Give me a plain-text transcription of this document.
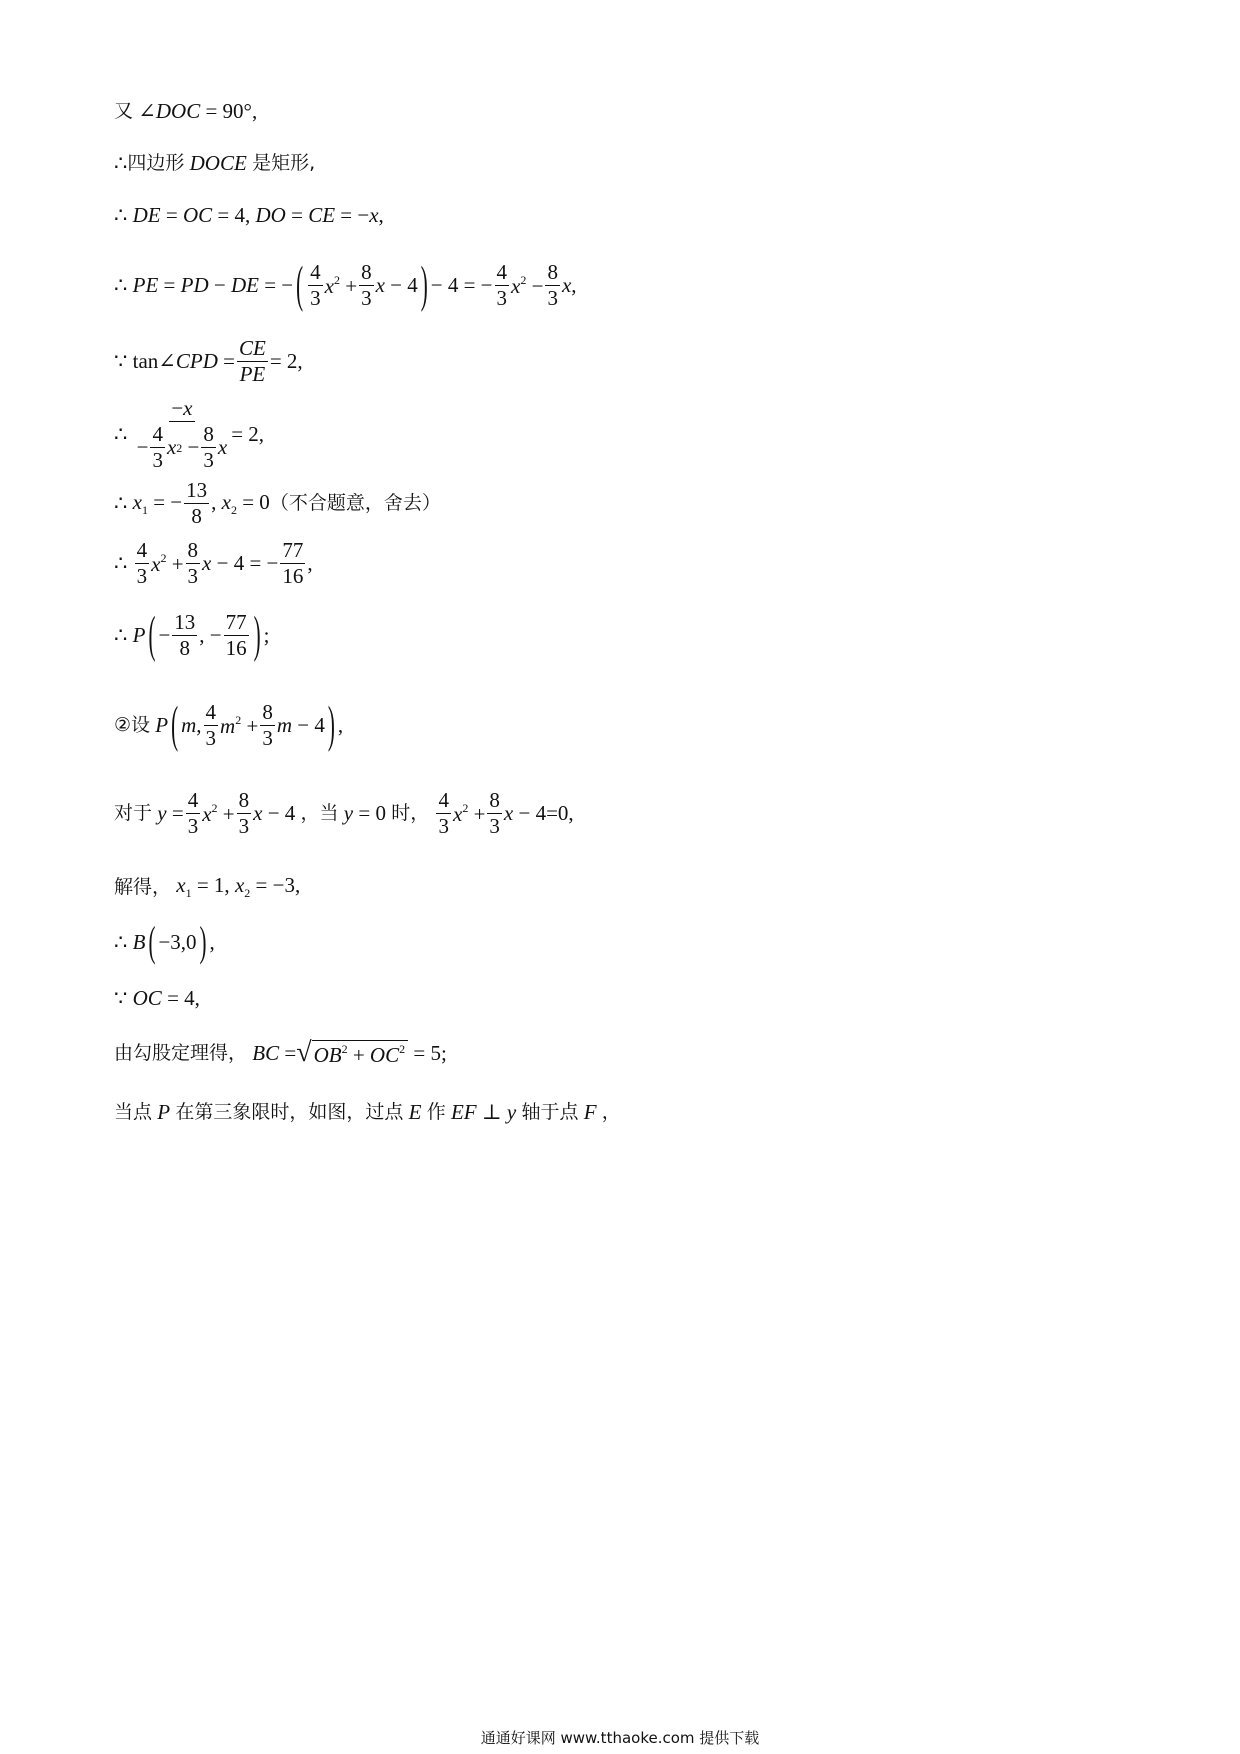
又 ∠DOC = 90°,
∴ 四边形 DOCE 是矩形,
∴ DE = OC = 4, DO = CE = −x,
∴ PE = PD − DE = − ( $\frac{4}{3} x^2 + \frac{8}{3}$ x − 4 ) − 4 = − $\frac{4}{3} x^2 - \frac{8}{3} x$,
∵ tan∠CPD = $\frac{CE}{PE} = 2$,
∴
$\frac{-x}{- \frac{4}{3} x 2 - \frac{8}{3} x} = 2$,
∴ $x_1$ = − $\frac{13}{8}$ , $x_2 = 0$ （不合题意，舍去）
∴
$\frac{4}{3} x^2 + \frac{8}{3}$ x − 4 = − $\frac{77}{16}$ ,
∴ P ( − $\frac{13}{8}$ , − $\frac{77}{16}$ ) ;
②设 P ( m, $\frac{4}{3} m^2 + \frac{8}{3}$ m − 4 ) ,
对于 $y = \frac{4}{3} x^2 + \frac{8}{3}$ x − 4 ，当 y = 0 时，
$\frac{4}{3} x^2 + \frac{8}{3}$ x − 4=0,
解得， $x_1 = 1$, $x_2 = -3$,
∴ B ( −3,0 ) ,
∵ OC = 4,
由勾股定理得， BC = √ $OB^2 + OC^2 = 5$;
当点 P 在第三象限时，如图，过点 E 作 EF ⊥ y 轴于点 F ，
通通好课网 www.tthaoke.com 提供下载
